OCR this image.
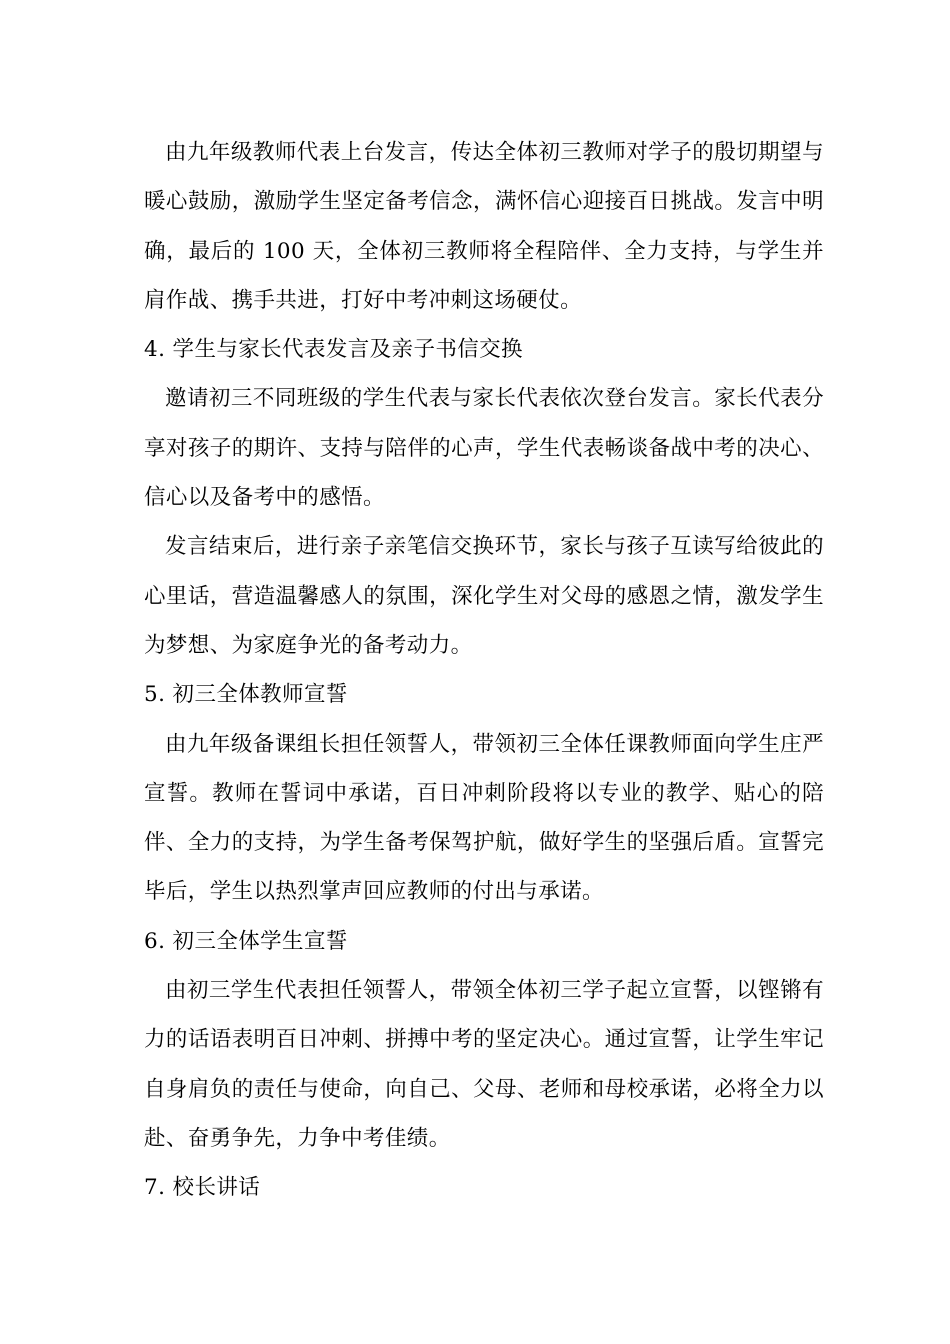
由九年级教师代表上台发言，传达全体初三教师对学子的殷切期望与暖心鼓励，激励学生坚定备考信念，满怀信心迎接百日挑战。发言中明确，最后的 100 天，全体初三教师将全程陪伴、全力支持，与学生并肩作战、携手共进，打好中考冲刺这场硬仗。

4. 学生与家长代表发言及亲子书信交换

邀请初三不同班级的学生代表与家长代表依次登台发言。家长代表分享对孩子的期许、支持与陪伴的心声，学生代表畅谈备战中考的决心、信心以及备考中的感悟。

发言结束后，进行亲子亲笔信交换环节，家长与孩子互读写给彼此的心里话，营造温馨感人的氛围，深化学生对父母的感恩之情，激发学生为梦想、为家庭争光的备考动力。

5. 初三全体教师宣誓

由九年级备课组长担任领誓人，带领初三全体任课教师面向学生庄严宣誓。教师在誓词中承诺，百日冲刺阶段将以专业的教学、贴心的陪伴、全力的支持，为学生备考保驾护航，做好学生的坚强后盾。宣誓完毕后，学生以热烈掌声回应教师的付出与承诺。

6. 初三全体学生宣誓

由初三学生代表担任领誓人，带领全体初三学子起立宣誓，以铿锵有力的话语表明百日冲刺、拼搏中考的坚定决心。通过宣誓，让学生牢记自身肩负的责任与使命，向自己、父母、老师和母校承诺，必将全力以赴、奋勇争先，力争中考佳绩。

7. 校长讲话
